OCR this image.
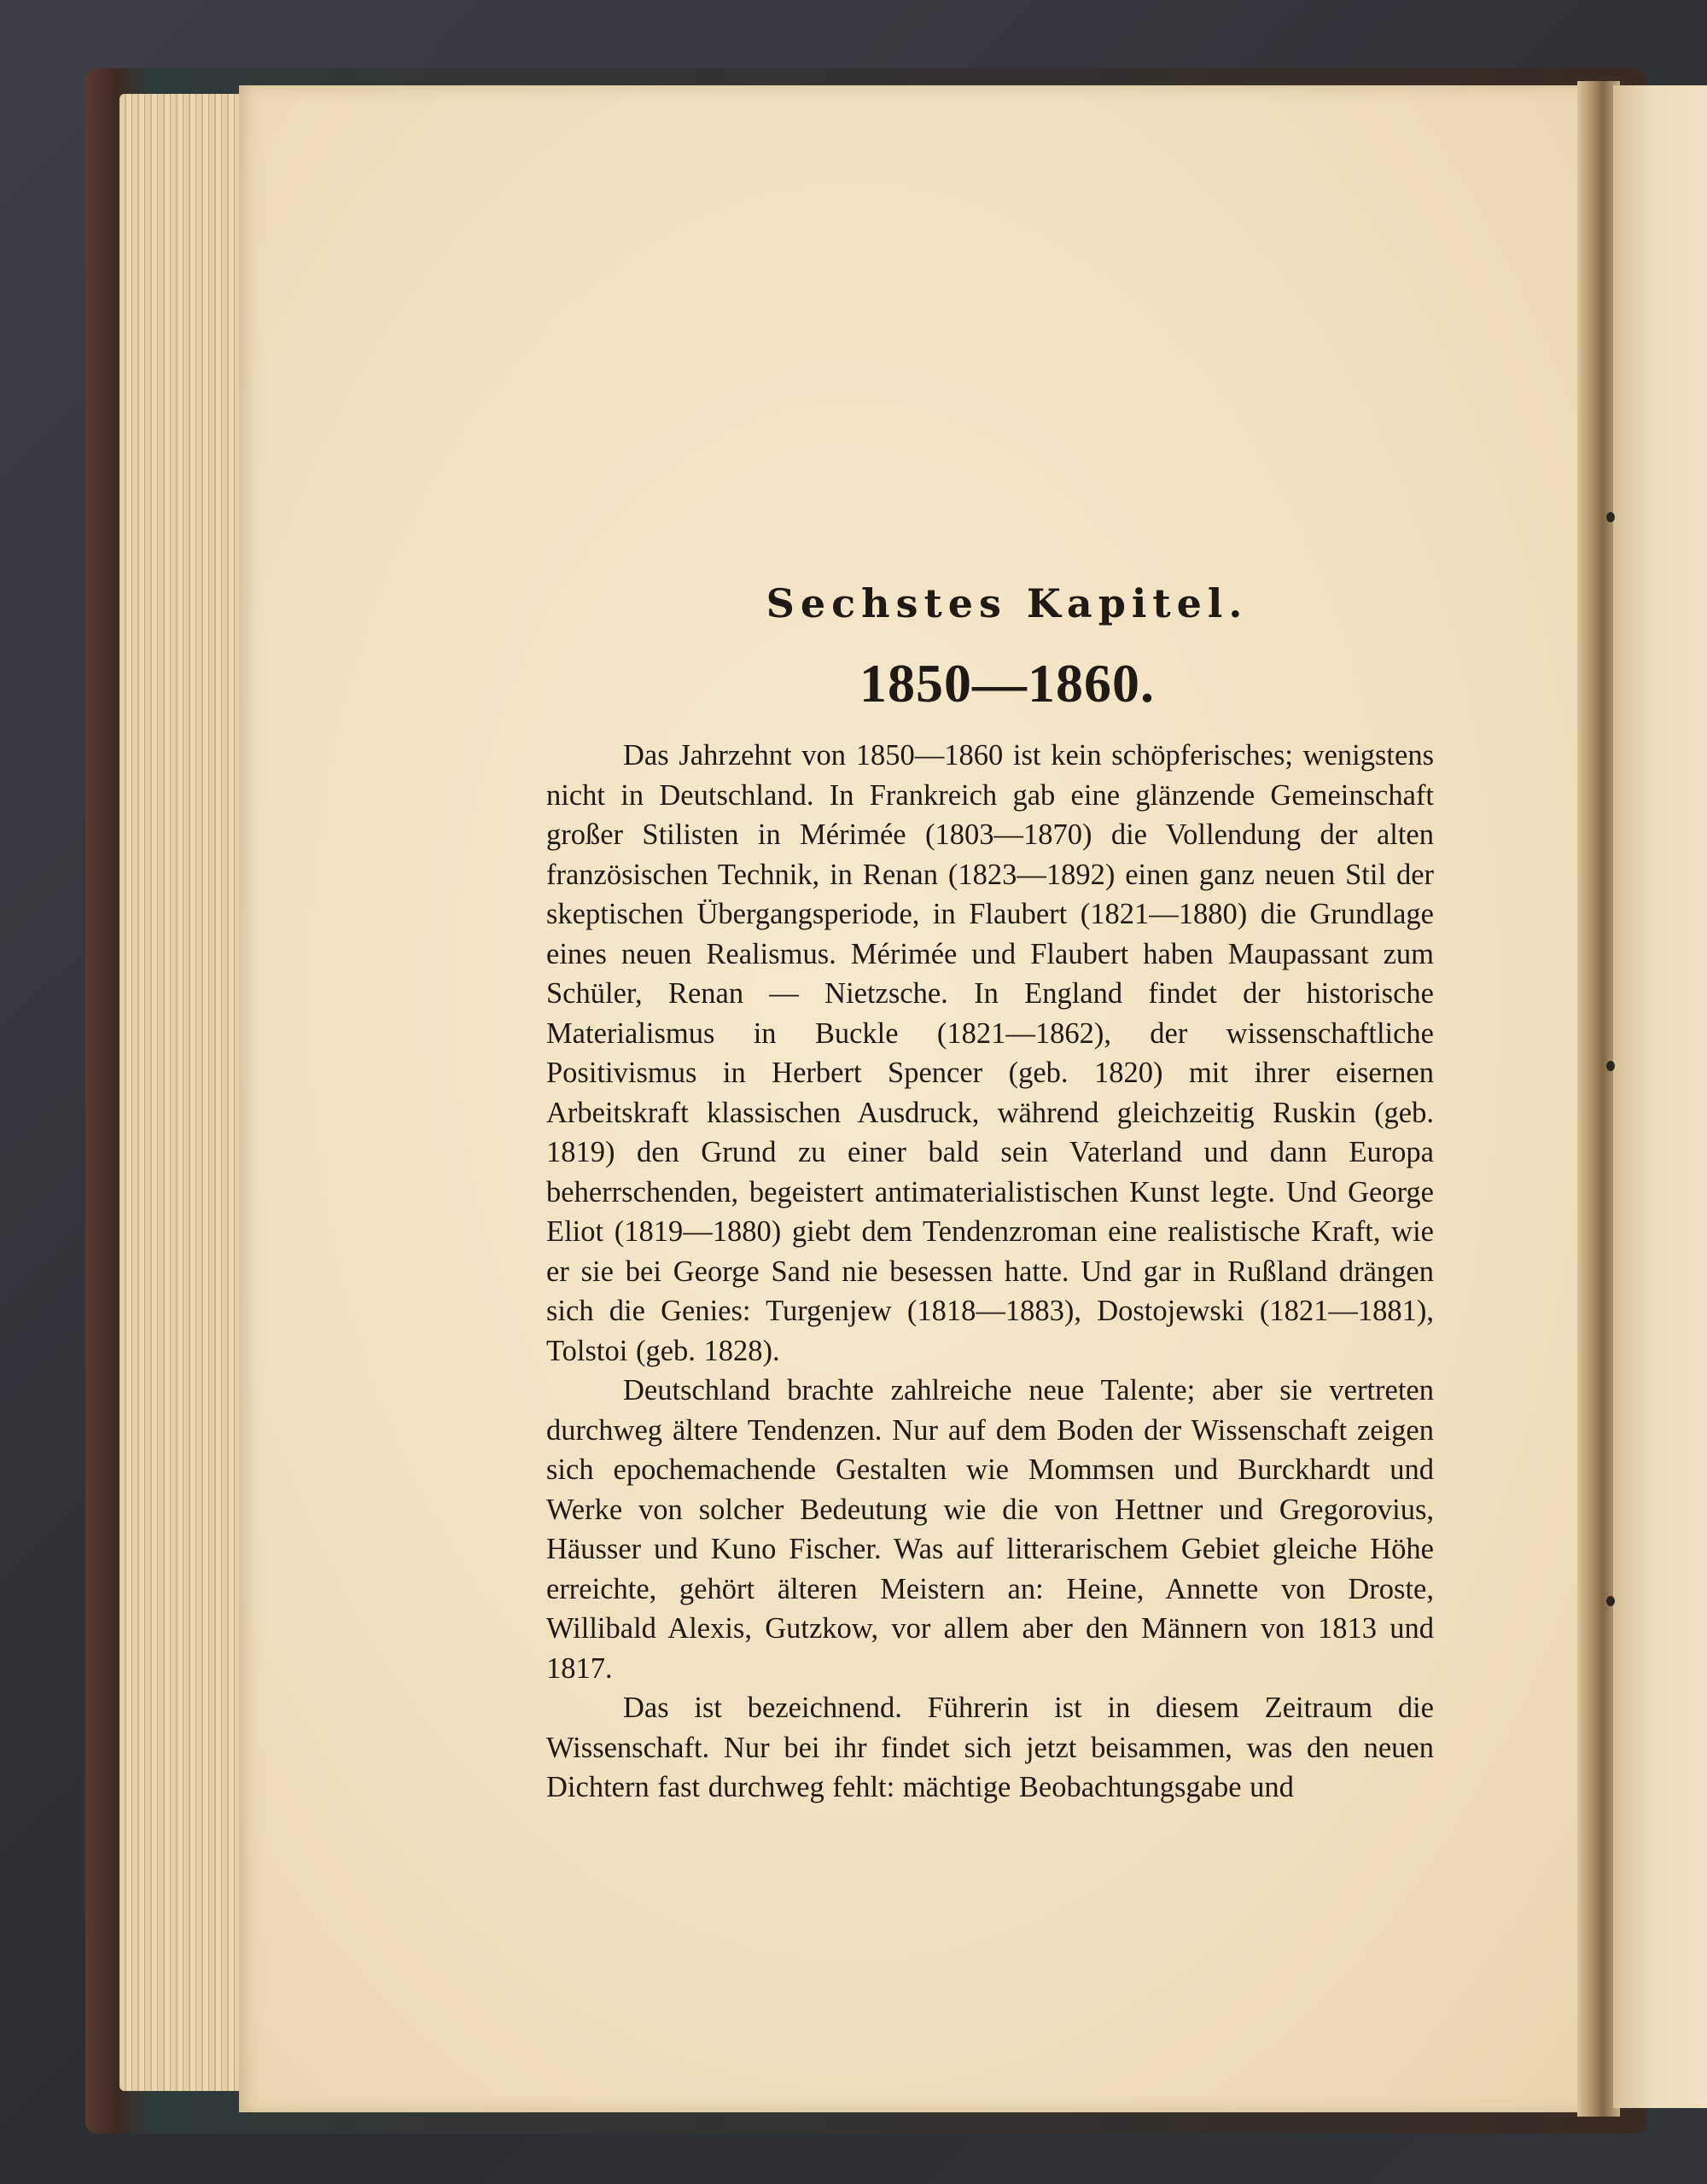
Sechstes Kapitel.
1850—1860.

Das Jahrzehnt von 1850—1860 ist kein schöpferisches; wenigstens nicht in Deutschland. In Frankreich gab eine glänzende Gemeinschaft großer Stilisten in Mérimée (1803—1870) die Vollendung der alten französischen Technik, in Renan (1823—1892) einen ganz neuen Stil der skeptischen Übergangsperiode, in Flaubert (1821—1880) die Grundlage eines neuen Realismus. Mérimée und Flaubert haben Maupassant zum Schüler, Renan — Nietzsche. In England findet der historische Materialismus in Buckle (1821—1862), der wissenschaftliche Positivismus in Herbert Spencer (geb. 1820) mit ihrer eisernen Arbeitskraft klassischen Ausdruck, während gleichzeitig Ruskin (geb. 1819) den Grund zu einer bald sein Vaterland und dann Europa beherrschenden, begeistert antimaterialistischen Kunst legte. Und George Eliot (1819—1880) giebt dem Tendenzroman eine realistische Kraft, wie er sie bei George Sand nie besessen hatte. Und gar in Rußland drängen sich die Genies: Turgenjew (1818—1883), Dostojewski (1821—1881), Tolstoi (geb. 1828).

Deutschland brachte zahlreiche neue Talente; aber sie vertreten durchweg ältere Tendenzen. Nur auf dem Boden der Wissenschaft zeigen sich epochemachende Gestalten wie Mommsen und Burckhardt und Werke von solcher Bedeutung wie die von Hettner und Gregorovius, Häusser und Kuno Fischer. Was auf litterarischem Gebiet gleiche Höhe erreichte, gehört älteren Meistern an: Heine, Annette von Droste, Willibald Alexis, Gutzkow, vor allem aber den Männern von 1813 und 1817.

Das ist bezeichnend. Führerin ist in diesem Zeitraum die Wissenschaft. Nur bei ihr findet sich jetzt beisammen, was den neuen Dichtern fast durchweg fehlt: mächtige Beobachtungsgabe und
